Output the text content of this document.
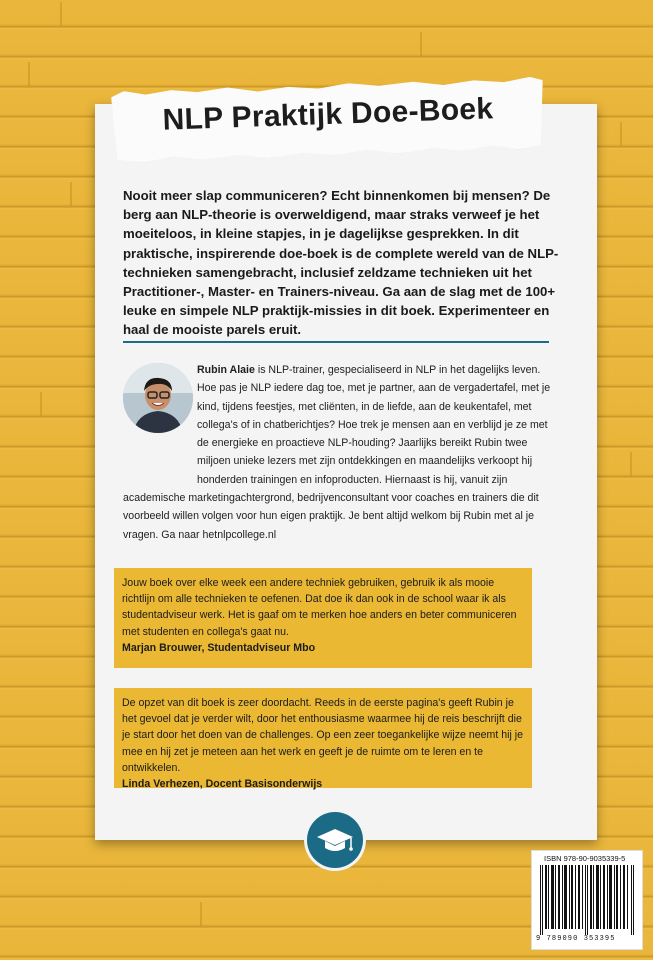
NLP Praktijk Doe-Boek
Nooit meer slap communiceren? Echt binnenkomen bij mensen? De berg aan NLP-theorie is overweldigend, maar straks verweef je het moeiteloos, in kleine stapjes, in je dagelijkse gesprekken. In dit praktische, inspirerende doe-boek is de complete wereld van de NLP-technieken samengebracht, inclusief zeldzame technieken uit het Practitioner-, Master- en Trainers-niveau. Ga aan de slag met de 100+ leuke en simpele NLP praktijk-missies in dit boek. Experimenteer en haal de mooiste parels eruit.
Rubin Alaie is NLP-trainer, gespecialiseerd in NLP in het dagelijks leven. Hoe pas je NLP iedere dag toe, met je partner, aan de vergadertafel, met je kind, tijdens feestjes, met cliënten, in de liefde, aan de keukentafel, met collega's of in chatberichtjes? Hoe trek je mensen aan en verblijd je ze met de energieke en proactieve NLP-houding? Jaarlijks bereikt Rubin twee miljoen unieke lezers met zijn ontdekkingen en maandelijks verkoopt hij honderden trainingen en infoproducten. Hiernaast is hij, vanuit zijn academische marketingachtergrond, bedrijvenconsultant voor coaches en trainers die dit voorbeeld willen volgen voor hun eigen praktijk. Je bent altijd welkom bij Rubin met al je vragen. Ga naar hetnlpcollege.nl
Jouw boek over elke week een andere techniek gebruiken, gebruik ik als mooie richtlijn om alle technieken te oefenen. Dat doe ik dan ook in de school waar ik als studentadviseur werk. Het is gaaf om te merken hoe anders en beter communiceren met studenten en collega's gaat nu.
Marjan Brouwer, Studentadviseur Mbo
De opzet van dit boek is zeer doordacht. Reeds in de eerste pagina's geeft Rubin je het gevoel dat je verder wilt, door het enthousiasme waarmee hij de reis beschrijft die je start door het doen van de challenges. Op een zeer toegankelijke wijze neemt hij je mee en hij zet je meteen aan het werk en geeft je de ruimte om te leren en te ontwikkelen.
Linda Verhezen, Docent Basisonderwijs
ISBN 978-90-9035339-5
9 789090 353395
